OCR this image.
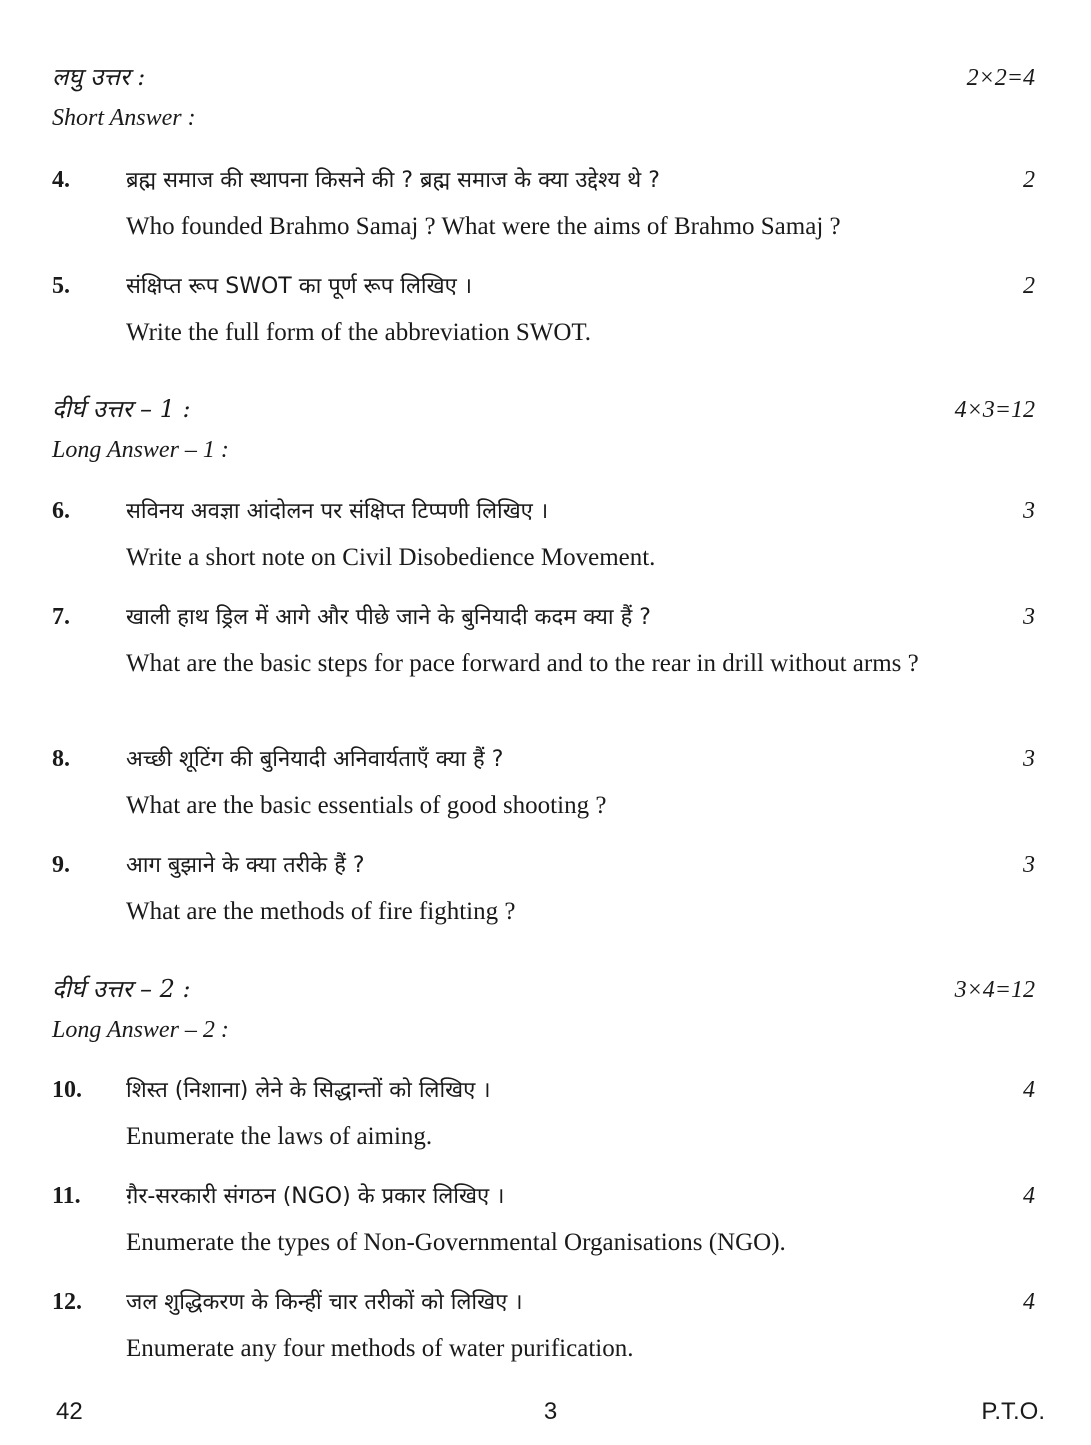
लघु उत्तर :	2×2=4
Short Answer :
4.	ब्रह्म समाज की स्थापना किसने की ? ब्रह्म समाज के क्या उद्देश्य थे ?	2
Who founded Brahmo Samaj ? What were the aims of Brahmo Samaj ?
5.	संक्षिप्त रूप SWOT का पूर्ण रूप लिखिए ।	2
Write the full form of the abbreviation SWOT.
दीर्घ उत्तर – 1 :	4×3=12
Long Answer – 1 :
6.	सविनय अवज्ञा आंदोलन पर संक्षिप्त टिप्पणी लिखिए ।	3
Write a short note on Civil Disobedience Movement.
7.	खाली हाथ ड्रिल में आगे और पीछे जाने के बुनियादी कदम क्या हैं ?	3
What are the basic steps for pace forward and to the rear in drill without arms ?
8.	अच्छी शूटिंग की बुनियादी अनिवार्यताएँ क्या हैं ?	3
What are the basic essentials of good shooting ?
9.	आग बुझाने के क्या तरीके हैं ?	3
What are the methods of fire fighting ?
दीर्घ उत्तर – 2 :	3×4=12
Long Answer – 2 :
10.	शिस्त (निशाना) लेने के सिद्धान्तों को लिखिए ।	4
Enumerate the laws of aiming.
11.	ग़ैर-सरकारी संगठन (NGO) के प्रकार लिखिए ।	4
Enumerate the types of Non-Governmental Organisations (NGO).
12.	जल शुद्धिकरण के किन्हीं चार तरीकों को लिखिए ।	4
Enumerate any four methods of water purification.
42	3	P.T.O.
